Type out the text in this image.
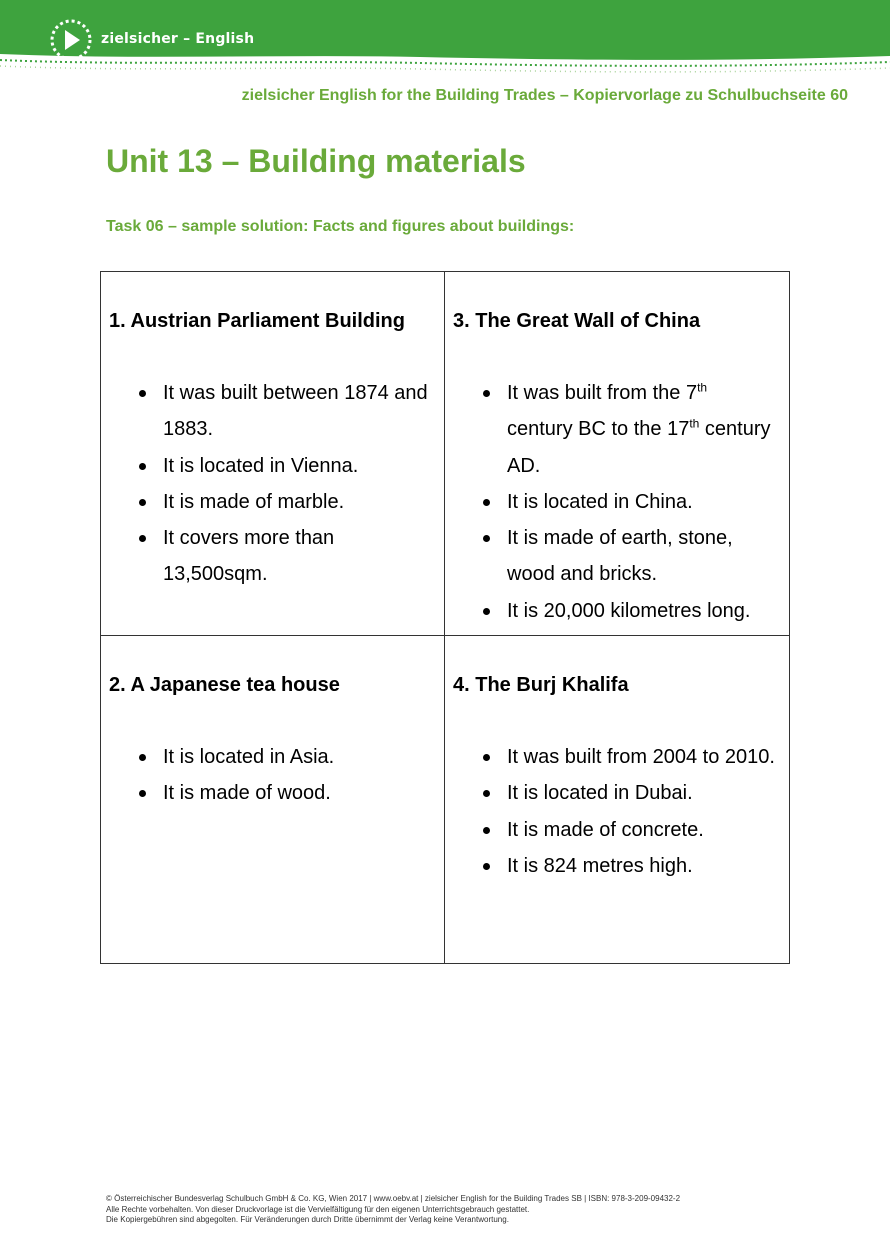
zielsicher – English
zielsicher English for the Building Trades – Kopiervorlage zu Schulbuchseite 60
Unit 13 – Building materials
Task 06 – sample solution: Facts and figures about buildings:
1. Austrian Parliament Building
It was built between 1874 and 1883.
It is located in Vienna.
It is made of marble.
It covers more than 13,500sqm.
3. The Great Wall of China
It was built from the 7th century BC to the 17th century AD.
It is located in China.
It is made of earth, stone, wood and bricks.
It is 20,000 kilometres long.
2. A Japanese tea house
It is located in Asia.
It is made of wood.
4. The Burj Khalifa
It was built from 2004 to 2010.
It is located in Dubai.
It is made of concrete.
It is 824 metres high.
© Österreichischer Bundesverlag Schulbuch GmbH & Co. KG, Wien 2017 | www.oebv.at | zielsicher English for the Building Trades SB | ISBN: 978-3-209-09432-2
Alle Rechte vorbehalten. Von dieser Druckvorlage ist die Vervielfältigung für den eigenen Unterrichtsgebrauch gestattet.
Die Kopiergebühren sind abgegolten. Für Veränderungen durch Dritte übernimmt der Verlag keine Verantwortung.
